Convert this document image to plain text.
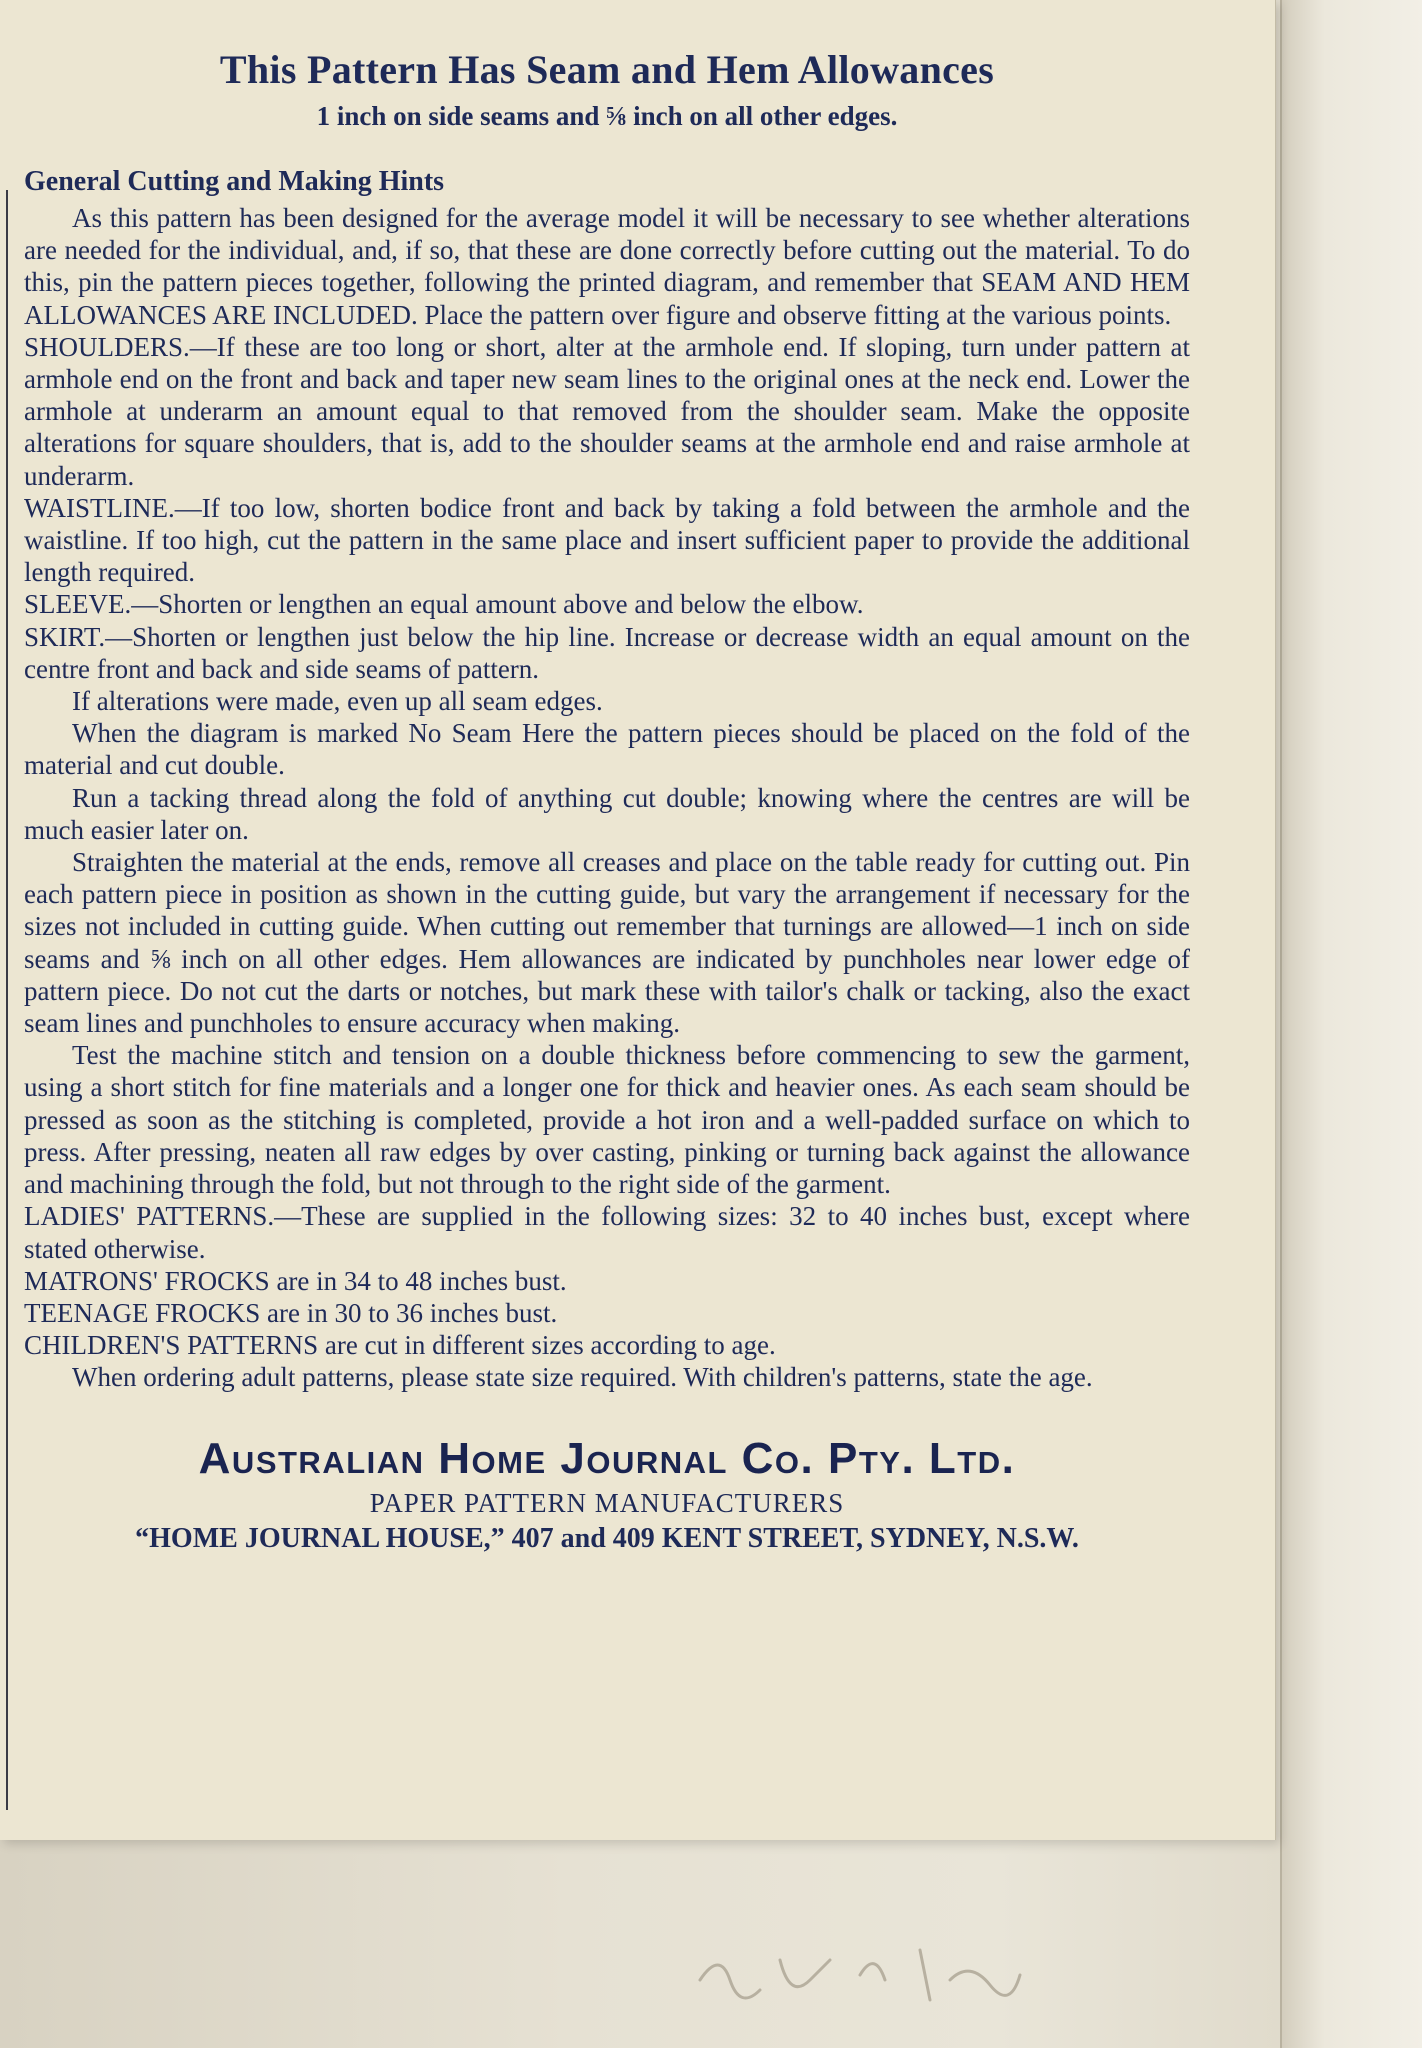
This Pattern Has Seam and Hem Allowances

1 inch on side seams and ⅝ inch on all other edges.

General Cutting and Making Hints

As this pattern has been designed for the average model it will be necessary to see whether alterations are needed for the individual, and, if so, that these are done correctly before cutting out the material. To do this, pin the pattern pieces together, following the printed diagram, and remember that SEAM AND HEM ALLOWANCES ARE INCLUDED. Place the pattern over figure and observe fitting at the various points.

SHOULDERS.—If these are too long or short, alter at the armhole end. If sloping, turn under pattern at armhole end on the front and back and taper new seam lines to the original ones at the neck end. Lower the armhole at underarm an amount equal to that removed from the shoulder seam. Make the opposite alterations for square shoulders, that is, add to the shoulder seams at the armhole end and raise armhole at underarm.

WAISTLINE.—If too low, shorten bodice front and back by taking a fold between the armhole and the waistline. If too high, cut the pattern in the same place and insert sufficient paper to provide the additional length required.

SLEEVE.—Shorten or lengthen an equal amount above and below the elbow.

SKIRT.—Shorten or lengthen just below the hip line. Increase or decrease width an equal amount on the centre front and back and side seams of pattern.

If alterations were made, even up all seam edges.

When the diagram is marked No Seam Here the pattern pieces should be placed on the fold of the material and cut double.

Run a tacking thread along the fold of anything cut double; knowing where the centres are will be much easier later on.

Straighten the material at the ends, remove all creases and place on the table ready for cutting out. Pin each pattern piece in position as shown in the cutting guide, but vary the arrangement if necessary for the sizes not included in cutting guide. When cutting out remember that turnings are allowed—1 inch on side seams and ⅝ inch on all other edges. Hem allowances are indicated by punchholes near lower edge of pattern piece. Do not cut the darts or notches, but mark these with tailor's chalk or tacking, also the exact seam lines and punchholes to ensure accuracy when making.

Test the machine stitch and tension on a double thickness before commencing to sew the garment, using a short stitch for fine materials and a longer one for thick and heavier ones. As each seam should be pressed as soon as the stitching is completed, provide a hot iron and a well-padded surface on which to press. After pressing, neaten all raw edges by over casting, pinking or turning back against the allowance and machining through the fold, but not through to the right side of the garment.

LADIES' PATTERNS.—These are supplied in the following sizes: 32 to 40 inches bust, except where stated otherwise.

MATRONS' FROCKS are in 34 to 48 inches bust.

TEENAGE FROCKS are in 30 to 36 inches bust.

CHILDREN'S PATTERNS are cut in different sizes according to age.

When ordering adult patterns, please state size required. With children's patterns, state the age.

Australian Home Journal Co. Pty. Ltd.
PAPER PATTERN MANUFACTURERS
“HOME JOURNAL HOUSE,” 407 and 409 KENT STREET, SYDNEY, N.S.W.
